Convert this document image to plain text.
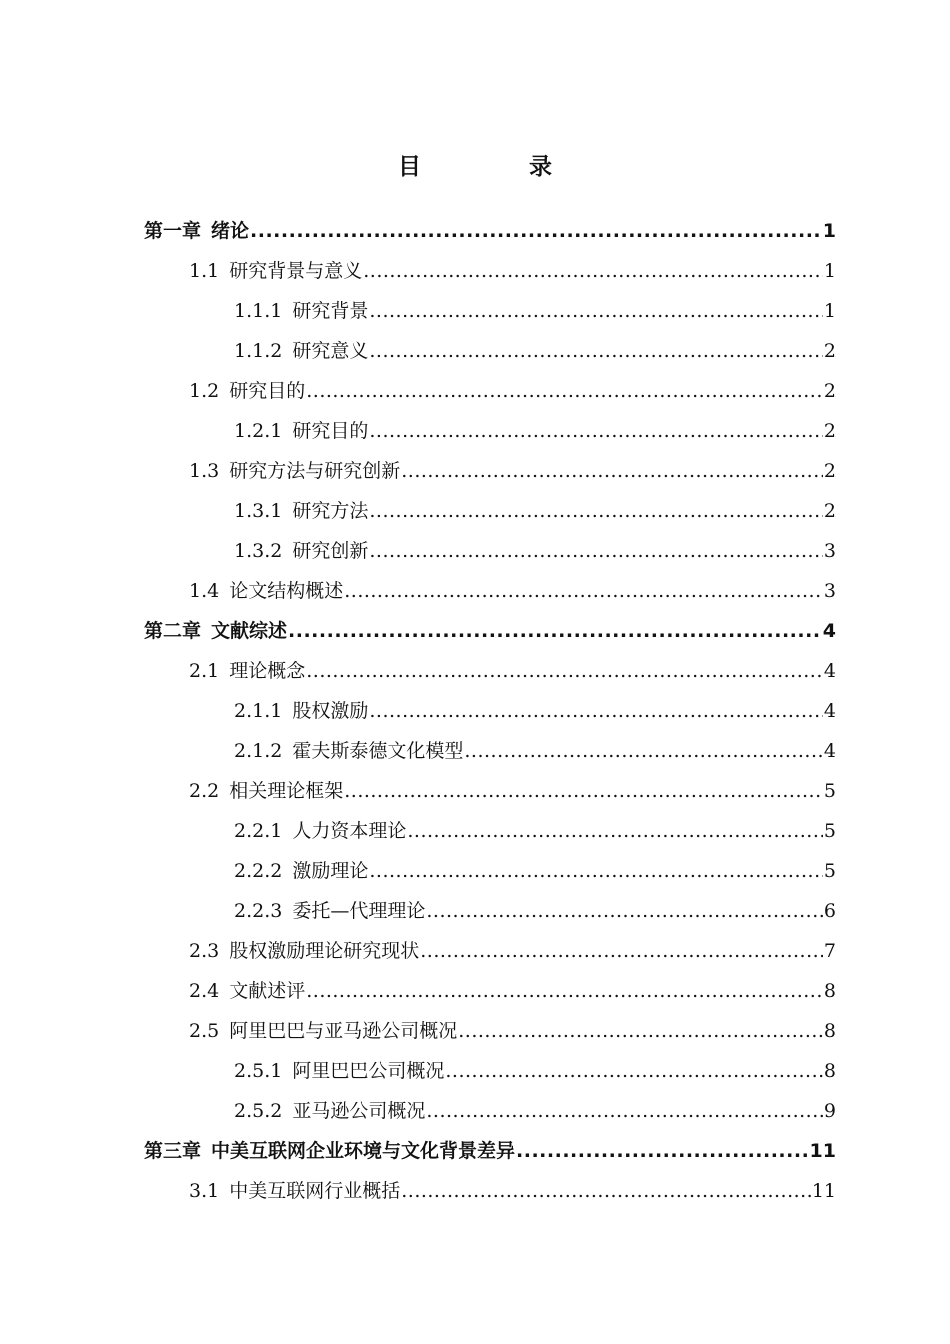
目 录
第一章 绪论 .....	1
1.1 研究背景与意义 .....	1
1.1.1 研究背景 .....	1
1.1.2 研究意义 .....	2
1.2 研究目的 .....	2
1.2.1 研究目的 .....	2
1.3 研究方法与研究创新 .....	2
1.3.1 研究方法 .....	2
1.3.2 研究创新 .....	3
1.4 论文结构概述 .....	3
第二章 文献综述 .....	4
2.1 理论概念 .....	4
2.1.1 股权激励 .....	4
2.1.2 霍夫斯泰德文化模型 .....	4
2.2 相关理论框架 .....	5
2.2.1 人力资本理论 .....	5
2.2.2 激励理论 .....	5
2.2.3 委托—代理理论 .....	6
2.3 股权激励理论研究现状 .....	7
2.4 文献述评 .....	8
2.5 阿里巴巴与亚马逊公司概况 .....	8
2.5.1 阿里巴巴公司概况 .....	8
2.5.2 亚马逊公司概况 .....	9
第三章 中美互联网企业环境与文化背景差异 .....	11
3.1 中美互联网行业概括 .....	11
